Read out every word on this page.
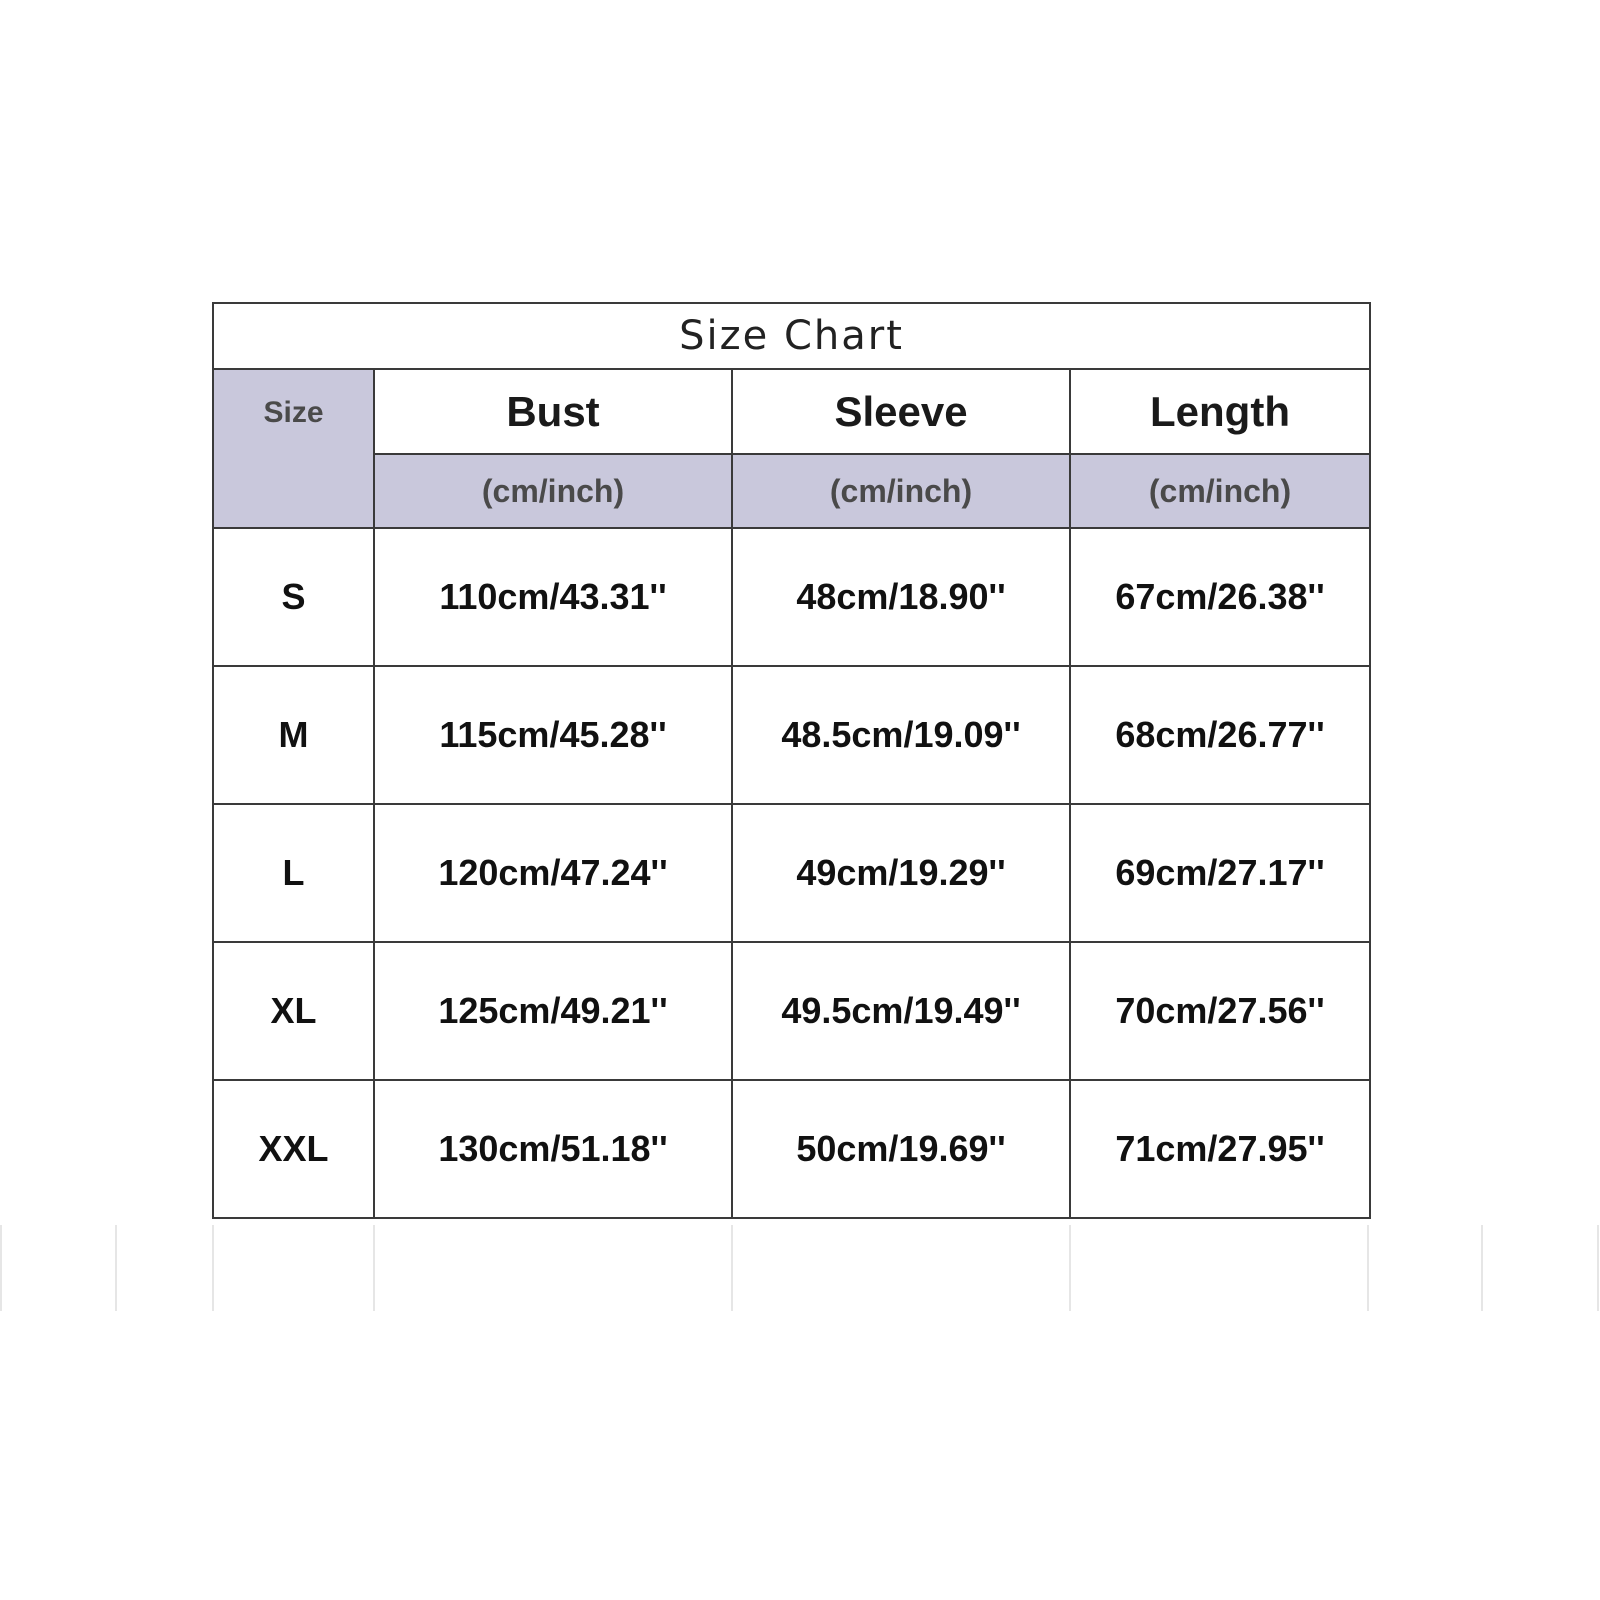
Size Chart			
Size	Bust	Sleeve	Length
	(cm/inch)	(cm/inch)	(cm/inch)
S	110cm/43.31''	48cm/18.90''	67cm/26.38''
M	115cm/45.28''	48.5cm/19.09''	68cm/26.77''
L	120cm/47.24''	49cm/19.29''	69cm/27.17''
XL	125cm/49.21''	49.5cm/19.49''	70cm/27.56''
XXL	130cm/51.18''	50cm/19.69''	71cm/27.95''
